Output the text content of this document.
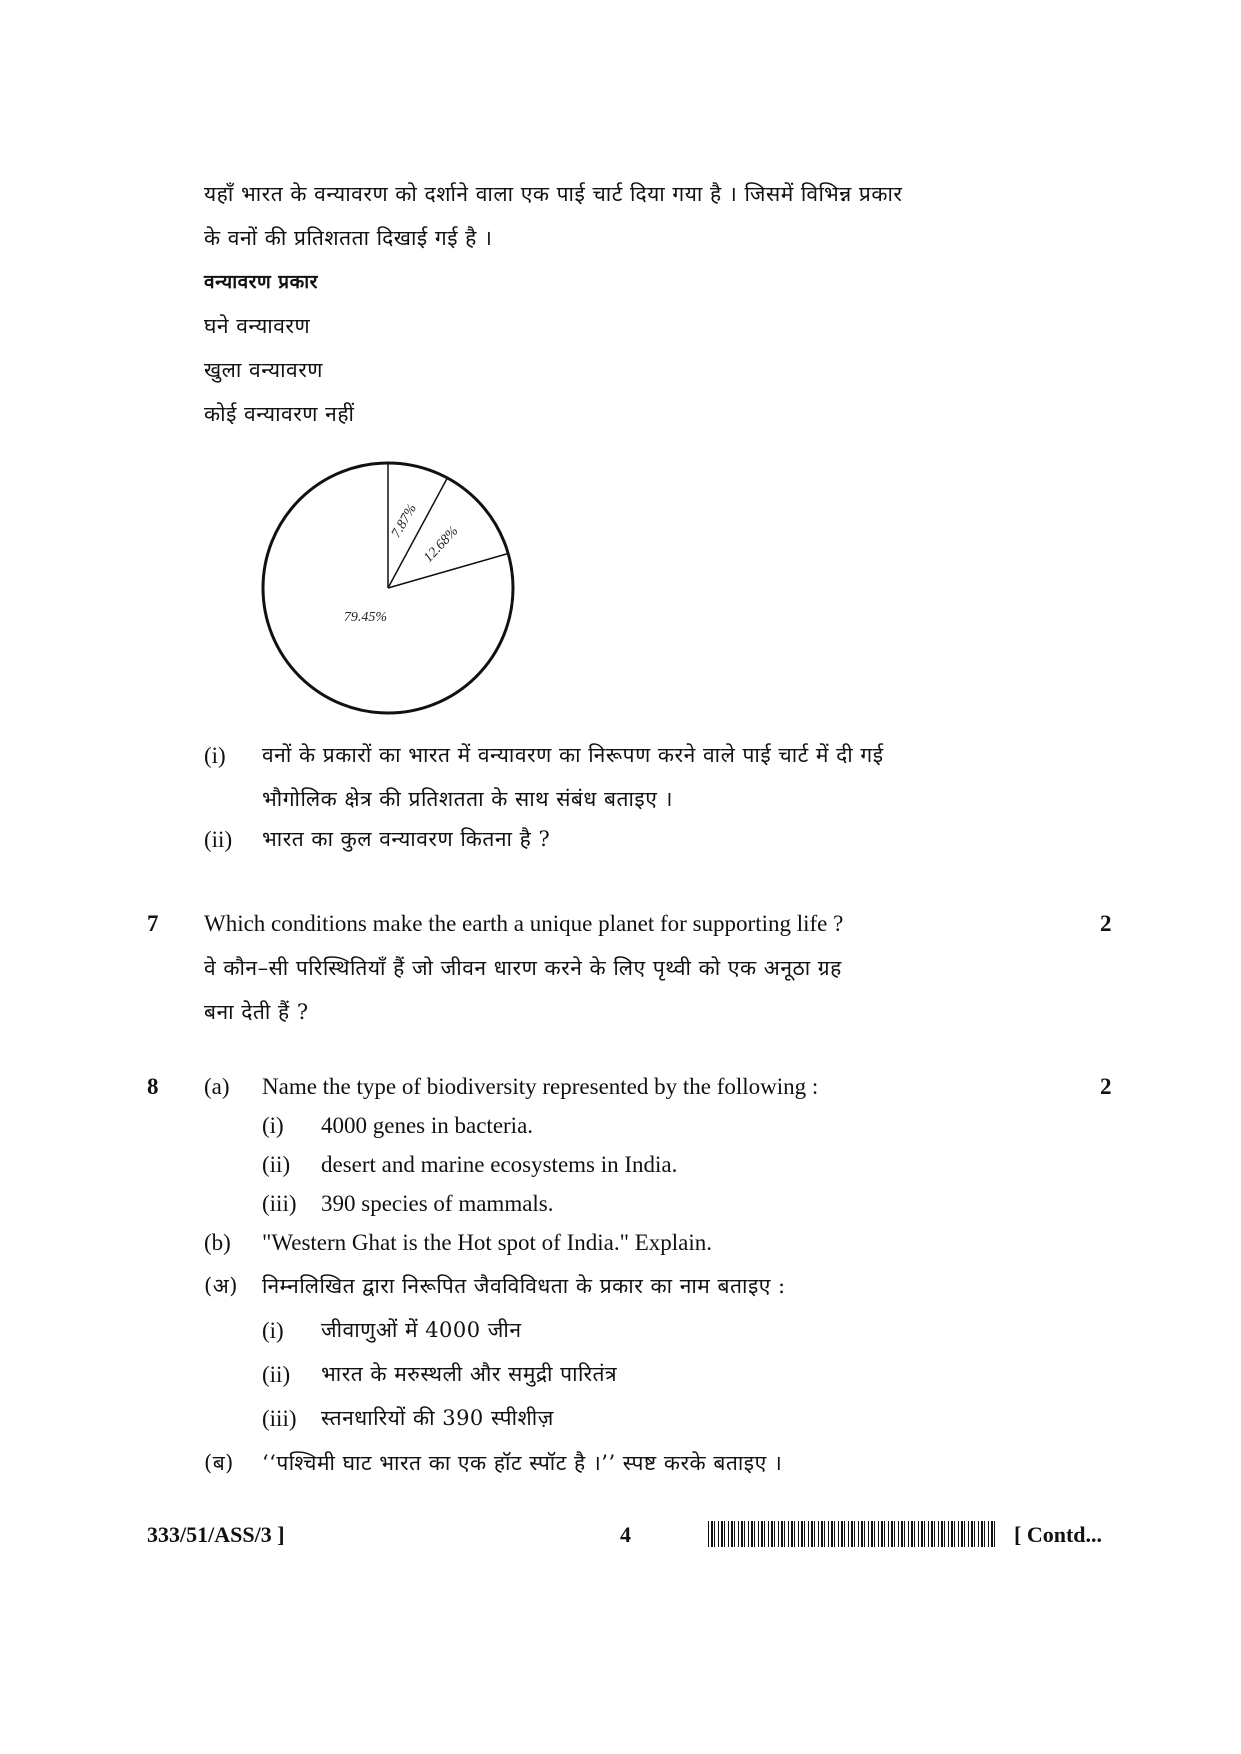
यहाँ भारत के वन्यावरण को दर्शाने वाला एक पाई चार्ट दिया गया है । जिसमें विभिन्न प्रकार
के वनों की प्रतिशतता दिखाई गई है ।
वन्यावरण प्रकार
घने वन्यावरण
खुला वन्यावरण
कोई वन्यावरण नहीं
7.87%
12.68%
79.45%
(i) वनों के प्रकारों का भारत में वन्यावरण का निरूपण करने वाले पाई चार्ट में दी गई
भौगोलिक क्षेत्र की प्रतिशतता के साथ संबंध बताइए ।
(ii) भारत का कुल वन्यावरण कितना है ?
7 Which conditions make the earth a unique planet for supporting life ?	2
वे कौन–सी परिस्थितियाँ हैं जो जीवन धारण करने के लिए पृथ्वी को एक अनूठा ग्रह
बना देती हैं ?
8 (a) Name the type of biodiversity represented by the following :	2
(i) 4000 genes in bacteria.
(ii) desert and marine ecosystems in India.
(iii) 390 species of mammals.
(b) "Western Ghat is the Hot spot of India." Explain.
(अ) निम्नलिखित द्वारा निरूपित जैवविविधता के प्रकार का नाम बताइए :
(i) जीवाणुओं में 4000 जीन
(ii) भारत के मरुस्थली और समुद्री पारितंत्र
(iii) स्तनधारियों की 390 स्पीशीज़
(ब) ‘‘पश्चिमी घाट भारत का एक हॉट स्पॉट है ।’’ स्पष्ट करके बताइए ।
333/51/ASS/3 ]	4	[ Contd...
